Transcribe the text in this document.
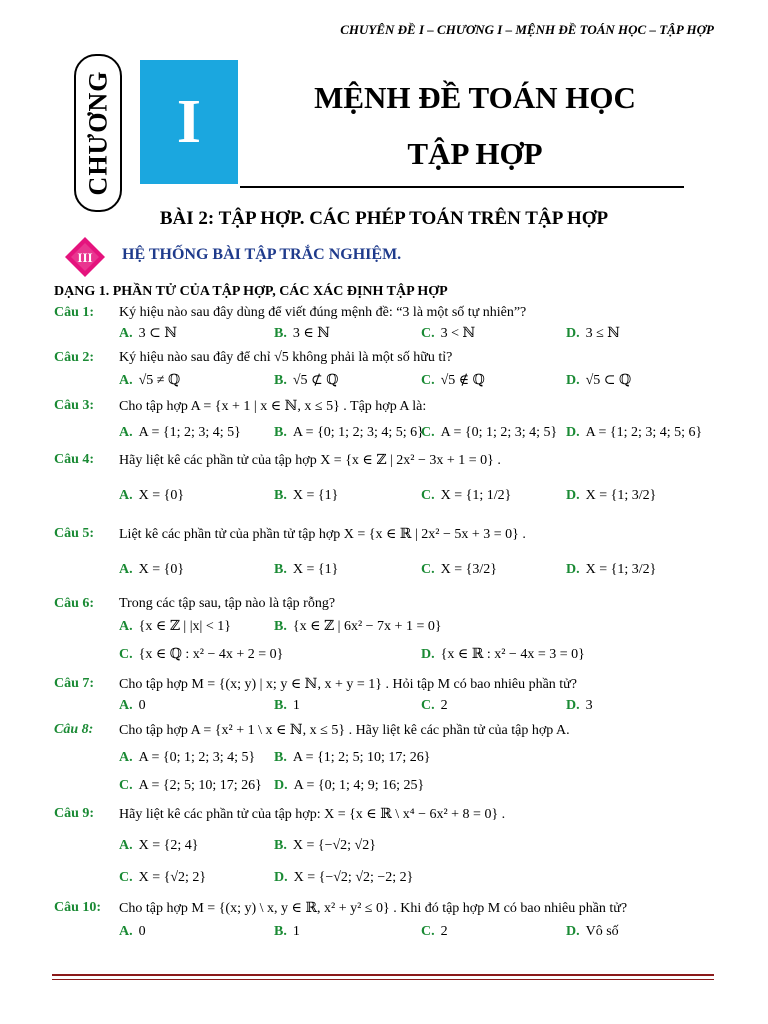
CHUYÊN ĐỀ I – CHƯƠNG I – MỆNH ĐỀ TOÁN HỌC – TẬP HỢP
CHƯƠNG	I	MỆNH ĐỀ TOÁN HỌC
TẬP HỢP
BÀI 2: TẬP HỢP. CÁC PHÉP TOÁN TRÊN TẬP HỢP
III HỆ THỐNG BÀI TẬP TRẮC NGHIỆM.
DẠNG 1. PHẦN TỬ CỦA TẬP HỢP, CÁC XÁC ĐỊNH TẬP HỢP
Câu 1: Ký hiệu nào sau đây dùng để viết đúng mệnh đề: “3 là một số tự nhiên”?
A. 3 ⊂ ℕ	B. 3 ∈ ℕ	C. 3 < ℕ	D. 3 ≤ ℕ
Câu 2: Ký hiệu nào sau đây để chỉ √5 không phải là một số hữu tỉ?
A. √5 ≠ ℚ	B. √5 ⊄ ℚ	C. √5 ∉ ℚ	D. √5 ⊂ ℚ
Câu 3: Cho tập hợp A = {x + 1 | x ∈ ℕ, x ≤ 5} . Tập hợp A là:
A. A = {1; 2; 3; 4; 5} B. A = {0; 1; 2; 3; 4; 5; 6}
C. A = {0; 1; 2; 3; 4; 5} D. A = {1; 2; 3; 4; 5; 6}
Câu 4: Hãy liệt kê các phần tử của tập hợp X = {x ∈ ℤ | 2x² − 3x + 1 = 0} .
A. X = {0}	B. X = {1}	C. X = {1; 1/2}	D. X = {1; 3/2}
Câu 5: Liệt kê các phần tử của phần tử tập hợp X = {x ∈ ℝ | 2x² − 5x + 3 = 0} .
A. X = {0}	B. X = {1}	C. X = {3/2}	D. X = {1; 3/2}
Câu 6: Trong các tập sau, tập nào là tập rỗng?
A. {x ∈ ℤ | |x| < 1}	B. {x ∈ ℤ | 6x² − 7x + 1 = 0}
C. {x ∈ ℚ : x² − 4x + 2 = 0}	D. {x ∈ ℝ : x² − 4x = 3 = 0}
Câu 7: Cho tập hợp M = {(x; y) | x; y ∈ ℕ, x + y = 1} . Hỏi tập M có bao nhiêu phần tử?
A. 0	B. 1	C. 2	D. 3
Câu 8: Cho tập hợp A = {x² + 1 \ x ∈ ℕ, x ≤ 5} . Hãy liệt kê các phần tử của tập hợp A.
A. A = {0; 1; 2; 3; 4; 5} B. A = {1; 2; 5; 10; 17; 26}
C. A = {2; 5; 10; 17; 26} D. A = {0; 1; 4; 9; 16; 25}
Câu 9: Hãy liệt kê các phần tử của tập hợp: X = {x ∈ ℝ \ x⁴ − 6x² + 8 = 0} .
A. X = {2; 4}	B. X = {−√2; √2}
C. X = {√2; 2}	D. X = {−√2; √2; −2; 2}
Câu 10: Cho tập hợp M = {(x; y) \ x, y ∈ ℝ, x² + y² ≤ 0} . Khi đó tập hợp M có bao nhiêu phần tử?
A. 0	B. 1	C. 2	D. Vô số
